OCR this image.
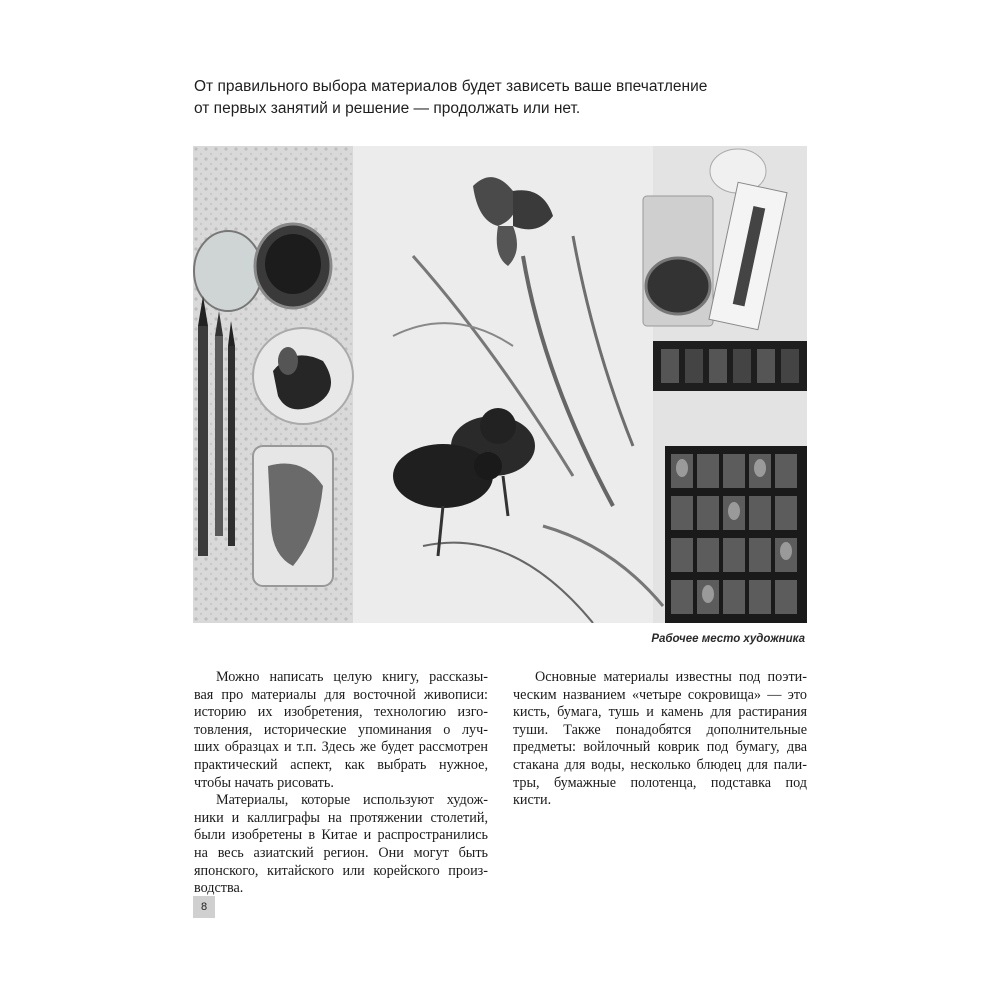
От правильного выбора материалов будет зависеть ваше впечатление
от первых занятий и решение — продолжать или нет.

Рабочее место художника

Можно написать целую книгу, рассказы-
вая про материалы для восточной живописи:
историю их изобретения, технологию изго-
товления, исторические упоминания о луч-
ших образцах и т.п. Здесь же будет рассмотрен
практический аспект, как выбрать нужное,
чтобы начать рисовать.
Материалы, которые используют худож-
ники и каллиграфы на протяжении столетий,
были изобретены в Китае и распространились
на весь азиатский регион. Они могут быть
японского, китайского или корейского произ-
водства.
Основные материалы известны под поэти-
ческим названием «четыре сокровища» — это
кисть, бумага, тушь и камень для растирания
туши. Также понадобятся дополнительные
предметы: войлочный коврик под бумагу, два
стакана для воды, несколько блюдец для пали-
тры, бумажные полотенца, подставка под
кисти.
8
